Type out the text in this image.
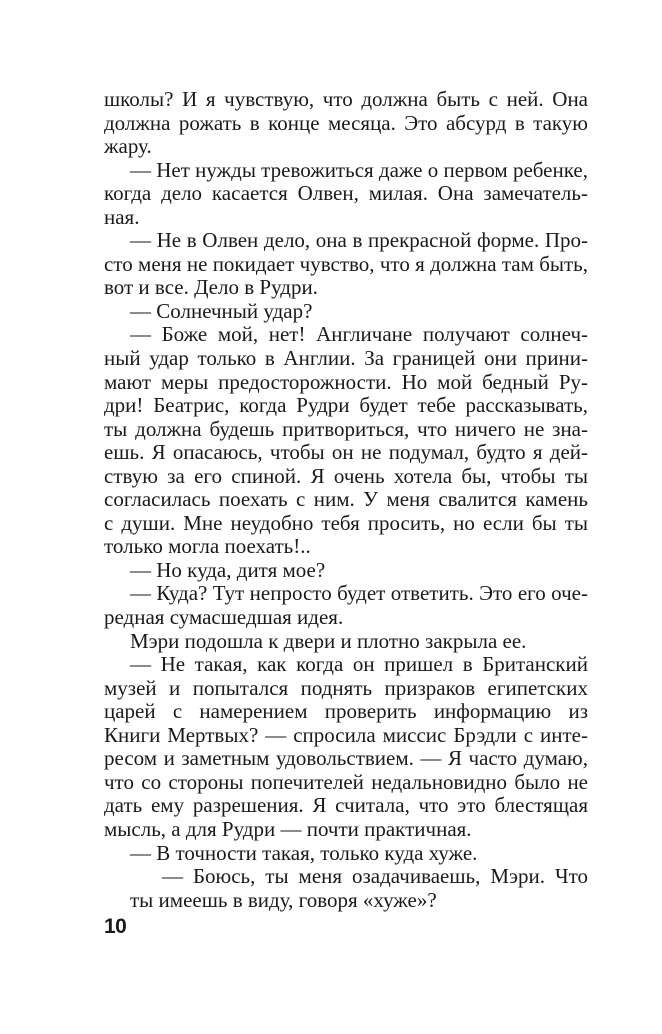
школы? И я чувствую, что должна быть с ней. Она
должна рожать в конце месяца. Это абсурд в такую
жару.
— Нет нужды тревожиться даже о первом ребенке,
когда дело касается Олвен, милая. Она замечатель-
ная.
— Не в Олвен дело, она в прекрасной форме. Про-
сто меня не покидает чувство, что я должна там быть,
вот и все. Дело в Рудри.
— Солнечный удар?
— Боже мой, нет! Англичане получают солнеч-
ный удар только в Англии. За границей они прини-
мают меры предосторожности. Но мой бедный Ру-
дри! Беатрис, когда Рудри будет тебе рассказывать,
ты должна будешь притвориться, что ничего не зна-
ешь. Я опасаюсь, чтобы он не подумал, будто я дей-
ствую за его спиной. Я очень хотела бы, чтобы ты
согласилась поехать с ним. У меня свалится камень
с души. Мне неудобно тебя просить, но если бы ты
только могла поехать!..
— Но куда, дитя мое?
— Куда? Тут непросто будет ответить. Это его оче-
редная сумасшедшая идея.
Мэри подошла к двери и плотно закрыла ее.
— Не такая, как когда он пришел в Британский
музей и попытался поднять призраков египетских
царей с намерением проверить информацию из
Книги Мертвых? — спросила миссис Брэдли с инте-
ресом и заметным удовольствием. — Я часто думаю,
что со стороны попечителей недальновидно было не
дать ему разрешения. Я считала, что это блестящая
мысль, а для Рудри — почти практичная.
— В точности такая, только куда хуже.
— Боюсь, ты меня озадачиваешь, Мэри. Что
ты имеешь в виду, говоря «хуже»?
10
